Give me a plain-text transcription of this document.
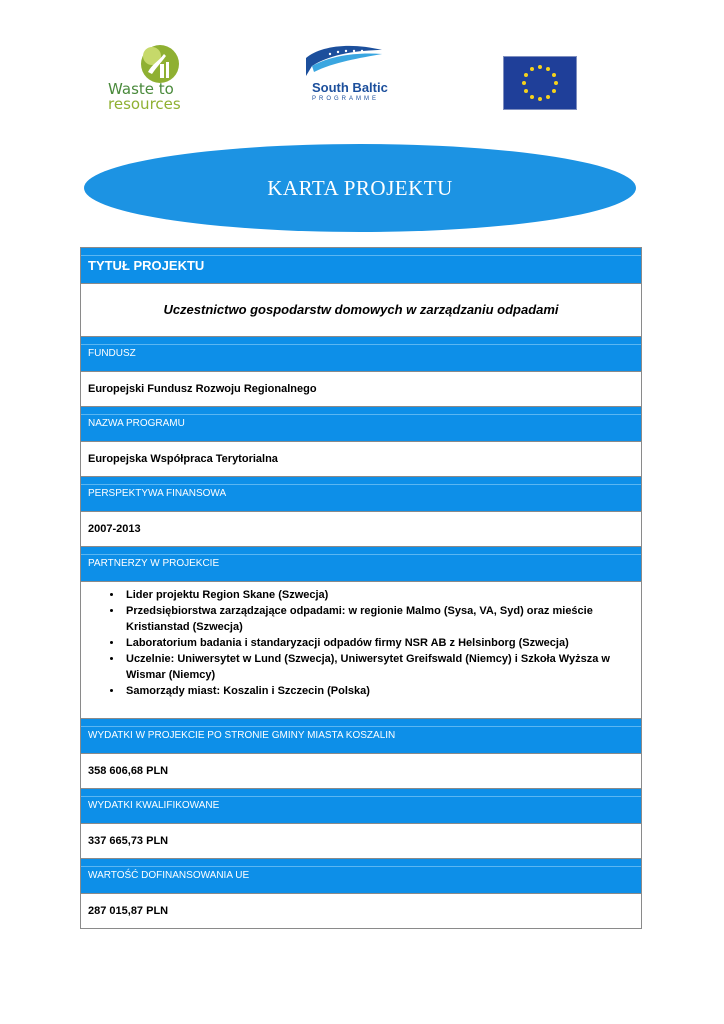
Waste to
resources
South Baltic
PROGRAMME
KARTA PROJEKTU
TYTUŁ PROJEKTU
Uczestnictwo gospodarstw domowych w zarządzaniu odpadami
FUNDUSZ
Europejski Fundusz Rozwoju Regionalnego
NAZWA PROGRAMU
Europejska Współpraca Terytorialna
PERSPEKTYWA FINANSOWA
2007-2013
PARTNERZY W PROJEKCIE
• Lider projektu Region Skane (Szwecja)
• Przedsiębiorstwa zarządzające odpadami: w regionie Malmo (Sysa, VA, Syd) oraz mieście Kristianstad (Szwecja)
• Laboratorium badania i standaryzacji odpadów firmy NSR AB z Helsinborg (Szwecja)
• Uczelnie: Uniwersytet w Lund (Szwecja), Uniwersytet Greifswald (Niemcy) i Szkoła Wyższa w Wismar (Niemcy)
• Samorządy miast: Koszalin i Szczecin (Polska)
WYDATKI W PROJEKCIE PO STRONIE GMINY MIASTA KOSZALIN
358 606,68 PLN
WYDATKI KWALIFIKOWANE
337 665,73 PLN
WARTOŚĆ DOFINANSOWANIA UE
287 015,87 PLN
